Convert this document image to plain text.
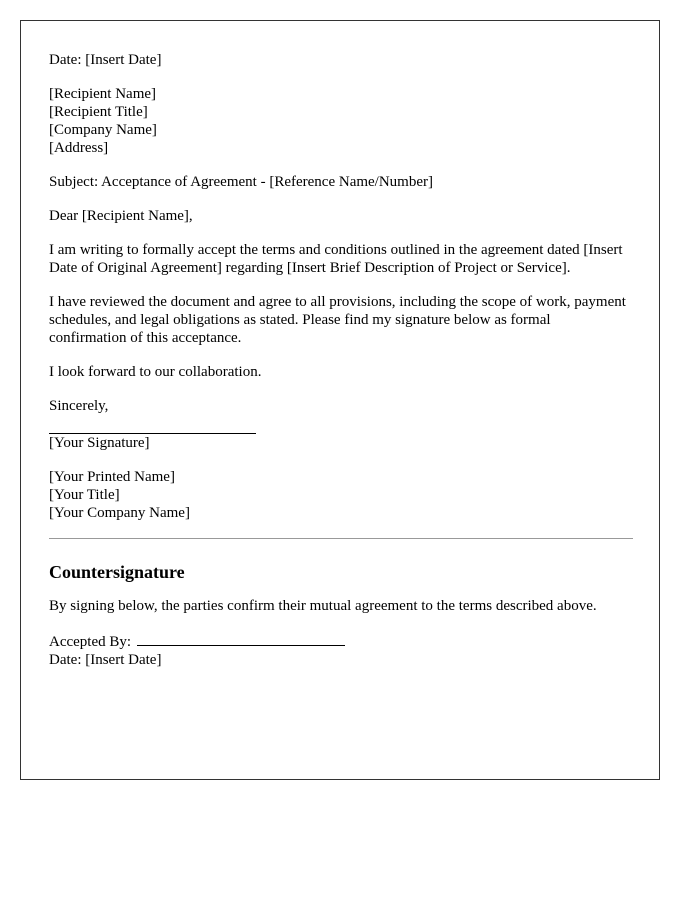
Date: [Insert Date]
[Recipient Name]
[Recipient Title]
[Company Name]
[Address]

Subject: Acceptance of Agreement - [Reference Name/Number]

Dear [Recipient Name],

I am writing to formally accept the terms and conditions outlined in the agreement dated [Insert Date of Original Agreement] regarding [Insert Brief Description of Project or Service].

I have reviewed the document and agree to all provisions, including the scope of work, payment schedules, and legal obligations as stated. Please find my signature below as formal confirmation of this acceptance.

I look forward to our collaboration.

Sincerely,

[Your Signature]
[Your Printed Name]
[Your Title]
[Your Company Name]
Countersignature

By signing below, the parties confirm their mutual agreement to the terms described above.

Accepted By:
Date: [Insert Date]
